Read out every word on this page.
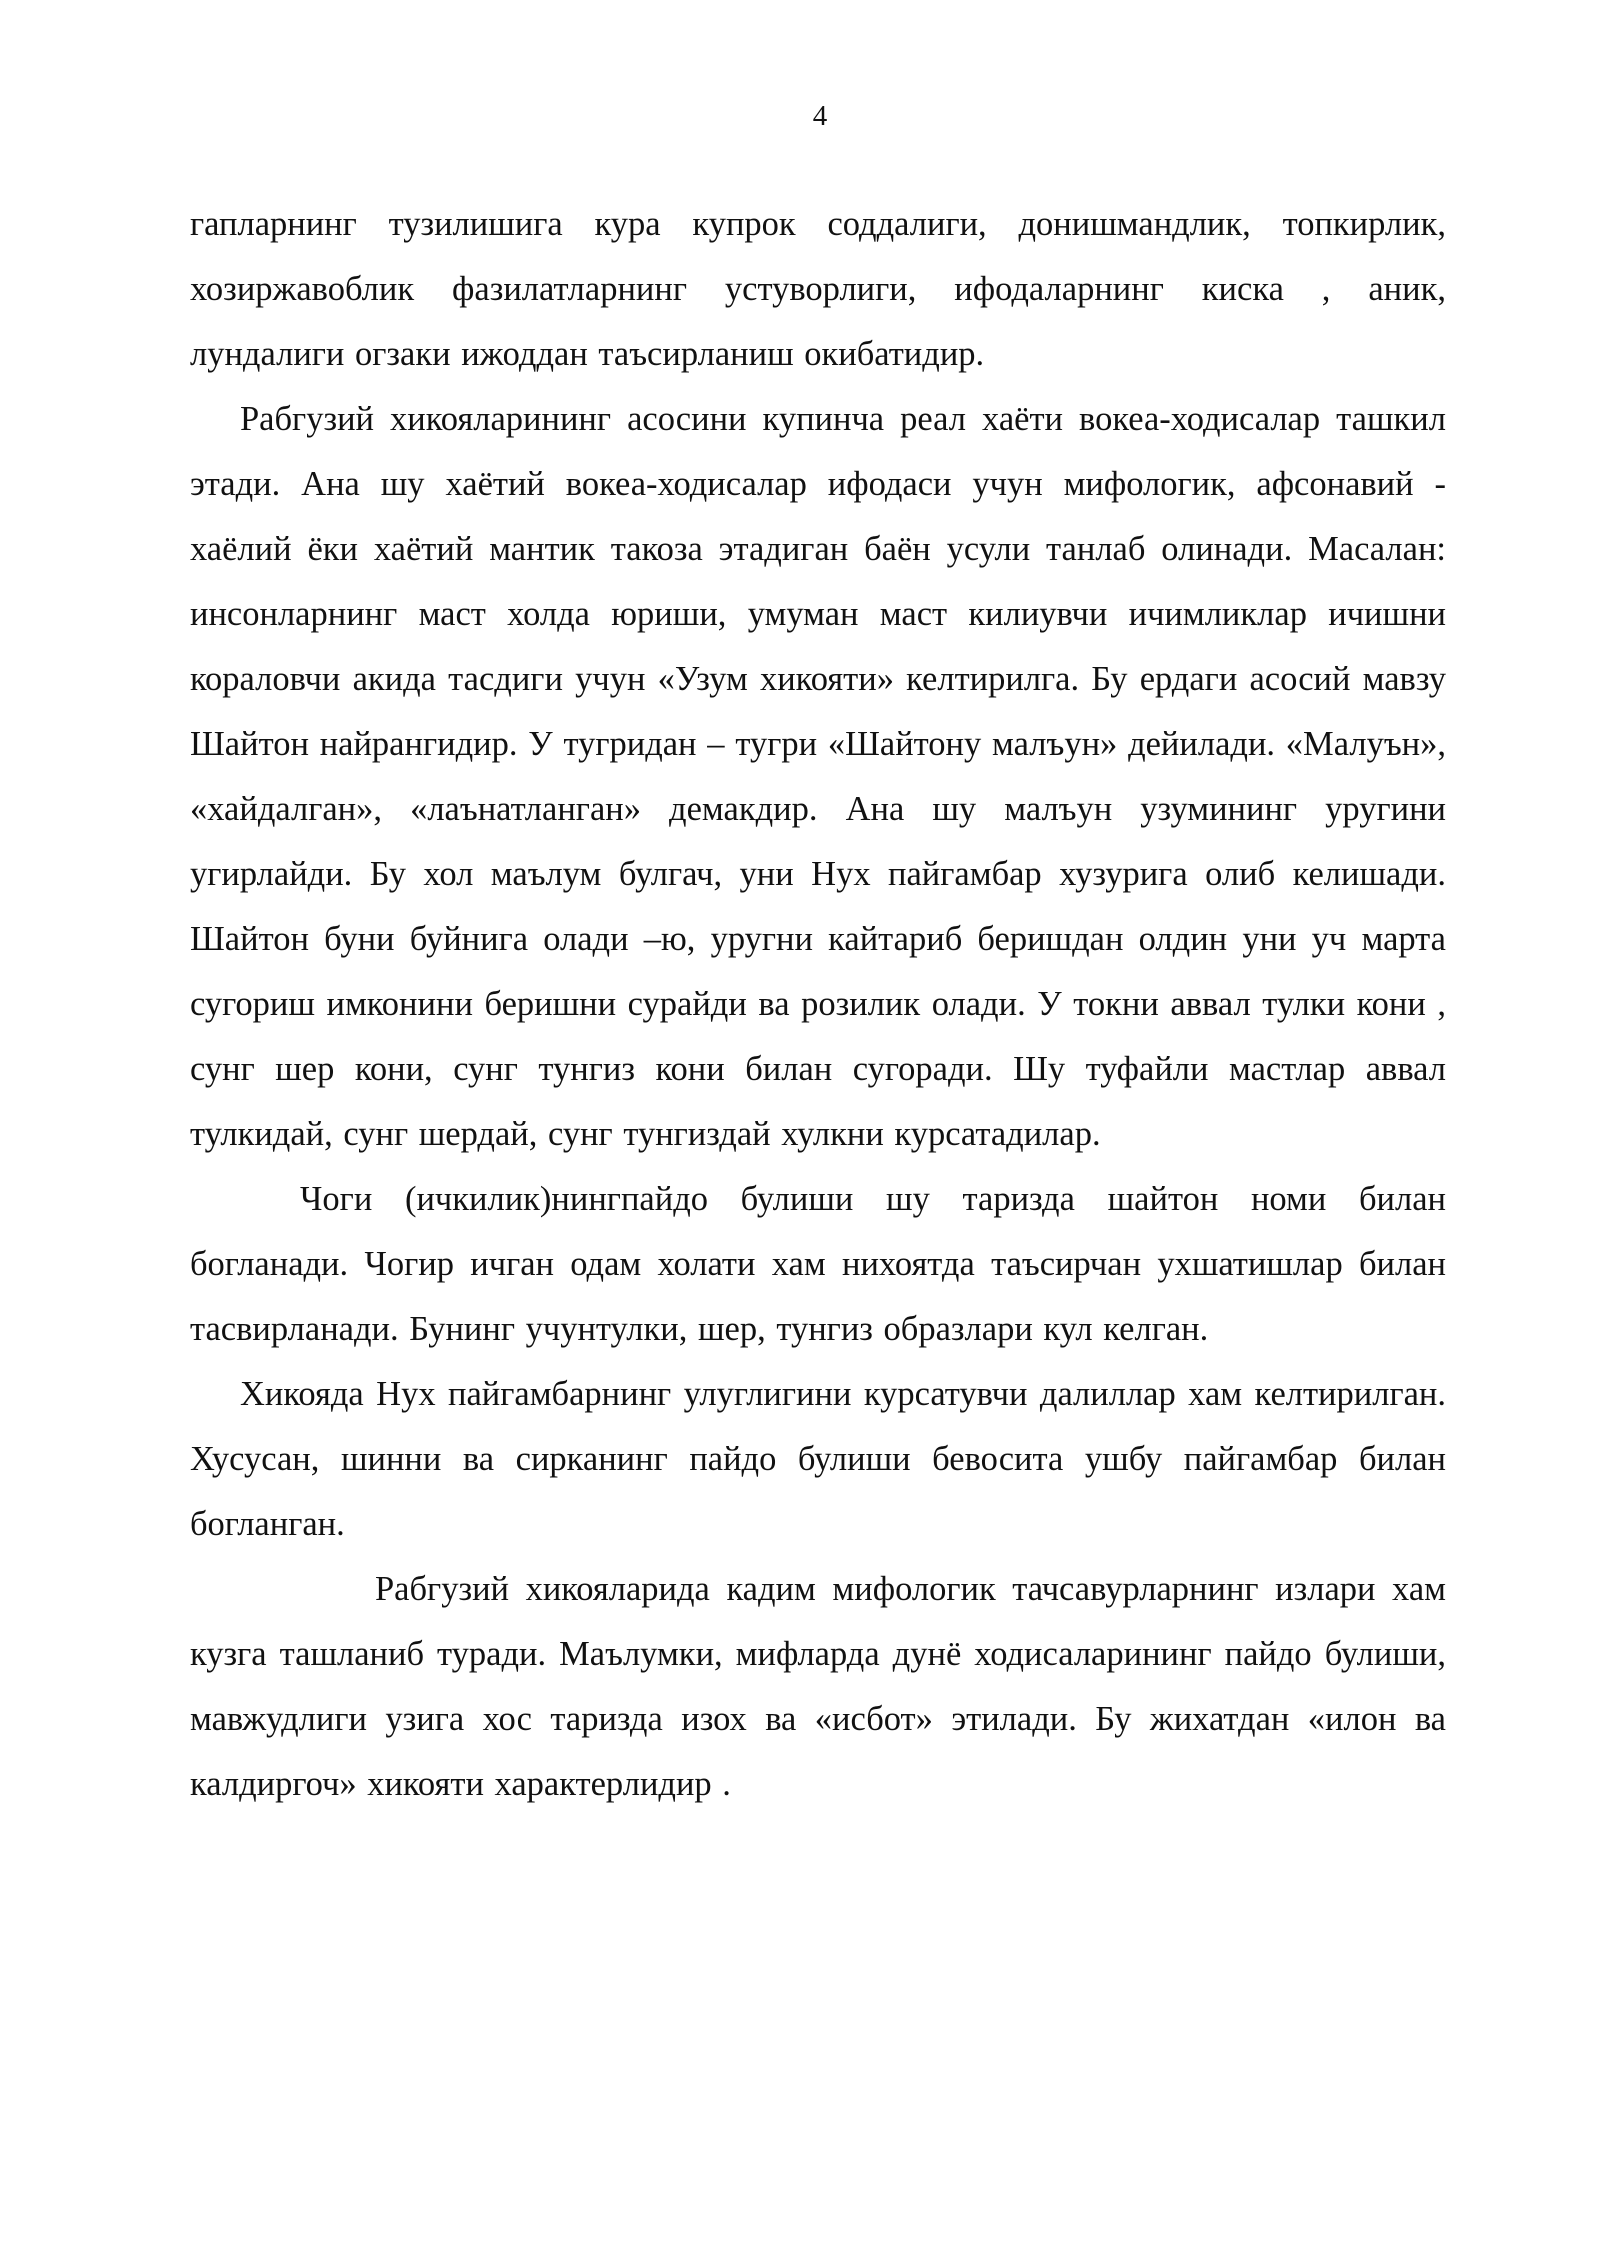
4

гапларнинг тузилишига кура купрок соддалиги, донишмандлик, топкирлик, хозиржавоблик фазилатларнинг устуворлиги, ифодаларнинг киска , аник, лундалиги огзаки ижоддан таъсирланиш окибатидир.

Рабгузий хикояларининг асосини купинча реал хаёти вокеа-ходисалар ташкил этади. Ана шу хаётий вокеа-ходисалар ифодаси учун мифологик, афсонавий - хаёлий ёки хаётий мантик такоза этадиган баён усули танлаб олинади. Масалан: инсонларнинг маст холда юриши, умуман маст килиувчи ичимликлар ичишни кораловчи акида тасдиги учун «Узум хикояти» келтирилга. Бу ердаги асосий мавзу Шайтон найрангидир. У тугридан – тугри «Шайтону малъун» дейилади. «Малуън», «хайдалган», «лаънатланган» демакдир. Ана шу малъун узумининг уругини угирлайди. Бу хол маълум булгач, уни Нух пайгамбар хузурига олиб келишади. Шайтон буни буйнига олади –ю, уругни кайтариб беришдан олдин уни уч марта сугориш имконини беришни сурайди ва розилик олади. У токни аввал тулки кони , сунг шер кони, сунг тунгиз кони билан сугоради. Шу туфайли мастлар аввал тулкидай, сунг шердай, сунг тунгиздай хулкни курсатадилар.

Чоги (ичкилик)нингпайдо булиши шу таризда шайтон номи билан богланади. Чогир ичган одам холати хам нихоятда таъсирчан ухшатишлар билан тасвирланади. Бунинг учунтулки, шер, тунгиз образлари кул келган.

Хикояда Нух пайгамбарнинг улуглигини курсатувчи далиллар хам келтирилган. Хусусан, шинни ва сирканинг пайдо булиши бевосита ушбу пайгамбар билан богланган.

Рабгузий хикояларида кадим мифологик тачсавурларнинг излари хам кузга ташланиб туради. Маълумки, мифларда дунё ходисаларининг пайдо булиши, мавжудлиги узига хос таризда изох ва «исбот» этилади. Бу жихатдан «илон ва калдиргоч» хикояти характерлидир .
